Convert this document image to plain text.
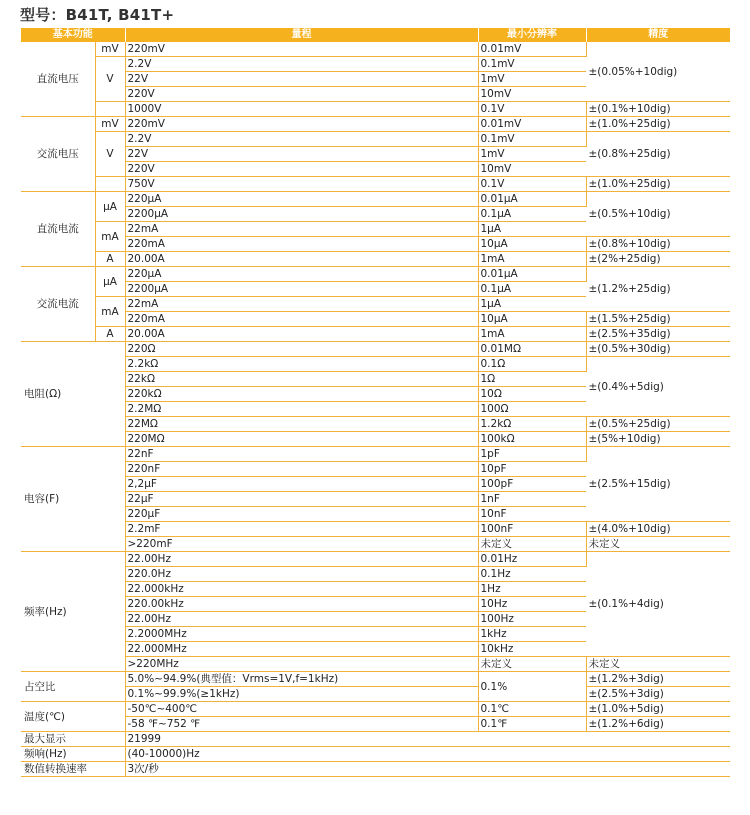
型号：B41T, B41T+
基本功能		量程	最小分辨率	精度
直流电压	mV	220mV	0.01mV	±(0.05%+10dig)
	V	2.2V	0.1mV	
		22V	1mV	
		220V	10mV	
		1000V	0.1V	±(0.1%+10dig)
交流电压	mV	220mV	0.01mV	±(1.0%+25dig)
	V	2.2V	0.1mV	±(0.8%+25dig)
		22V	1mV	
		220V	10mV	
		750V	0.1V	±(1.0%+25dig)
直流电流	μA	220μA	0.01μA	±(0.5%+10dig)
		2200μA	0.1μA	
	mA	22mA	1μA	
		220mA	10μA	±(0.8%+10dig)
	A	20.00A	1mA	±(2%+25dig)
交流电流	μA	220μA	0.01μA	±(1.2%+25dig)
		2200μA	0.1μA	
	mA	22mA	1μA	
		220mA	10μA	±(1.5%+25dig)
	A	20.00A	1mA	±(2.5%+35dig)
电阻(Ω)		220Ω	0.01MΩ	±(0.5%+30dig)
		2.2kΩ	0.1Ω	±(0.4%+5dig)
		22kΩ	1Ω	
		220kΩ	10Ω	
		2.2MΩ	100Ω	
		22MΩ	1.2kΩ	±(0.5%+25dig)
		220MΩ	100kΩ	±(5%+10dig)
电容(F)		22nF	1pF	±(2.5%+15dig)
		220nF	10pF	
		2,2μF	100pF	
		22μF	1nF	
		220μF	10nF	
		2.2mF	100nF	±(4.0%+10dig)
		>220mF	未定义	未定义
频率(Hz)		22.00Hz	0.01Hz	±(0.1%+4dig)
		220.0Hz	0.1Hz	
		22.000kHz	1Hz	
		220.00kHz	10Hz	
		22.00Hz	100Hz	
		2.2000MHz	1kHz	
		22.000MHz	10kHz	
		>220MHz	未定义	未定义
占空比		5.0%~94.9%(典型值：Vrms=1V,f=1kHz)	0.1%	±(1.2%+3dig)
		0.1%~99.9%(≥1kHz)		±(2.5%+3dig)
温度(℃)		-50℃~400℃	0.1℃	±(1.0%+5dig)
		-58 ℉~752 ℉	0.1℉	±(1.2%+6dig)
最大显示		21999		
频响(Hz)		(40-10000)Hz		
数值转换速率		3次/秒		
